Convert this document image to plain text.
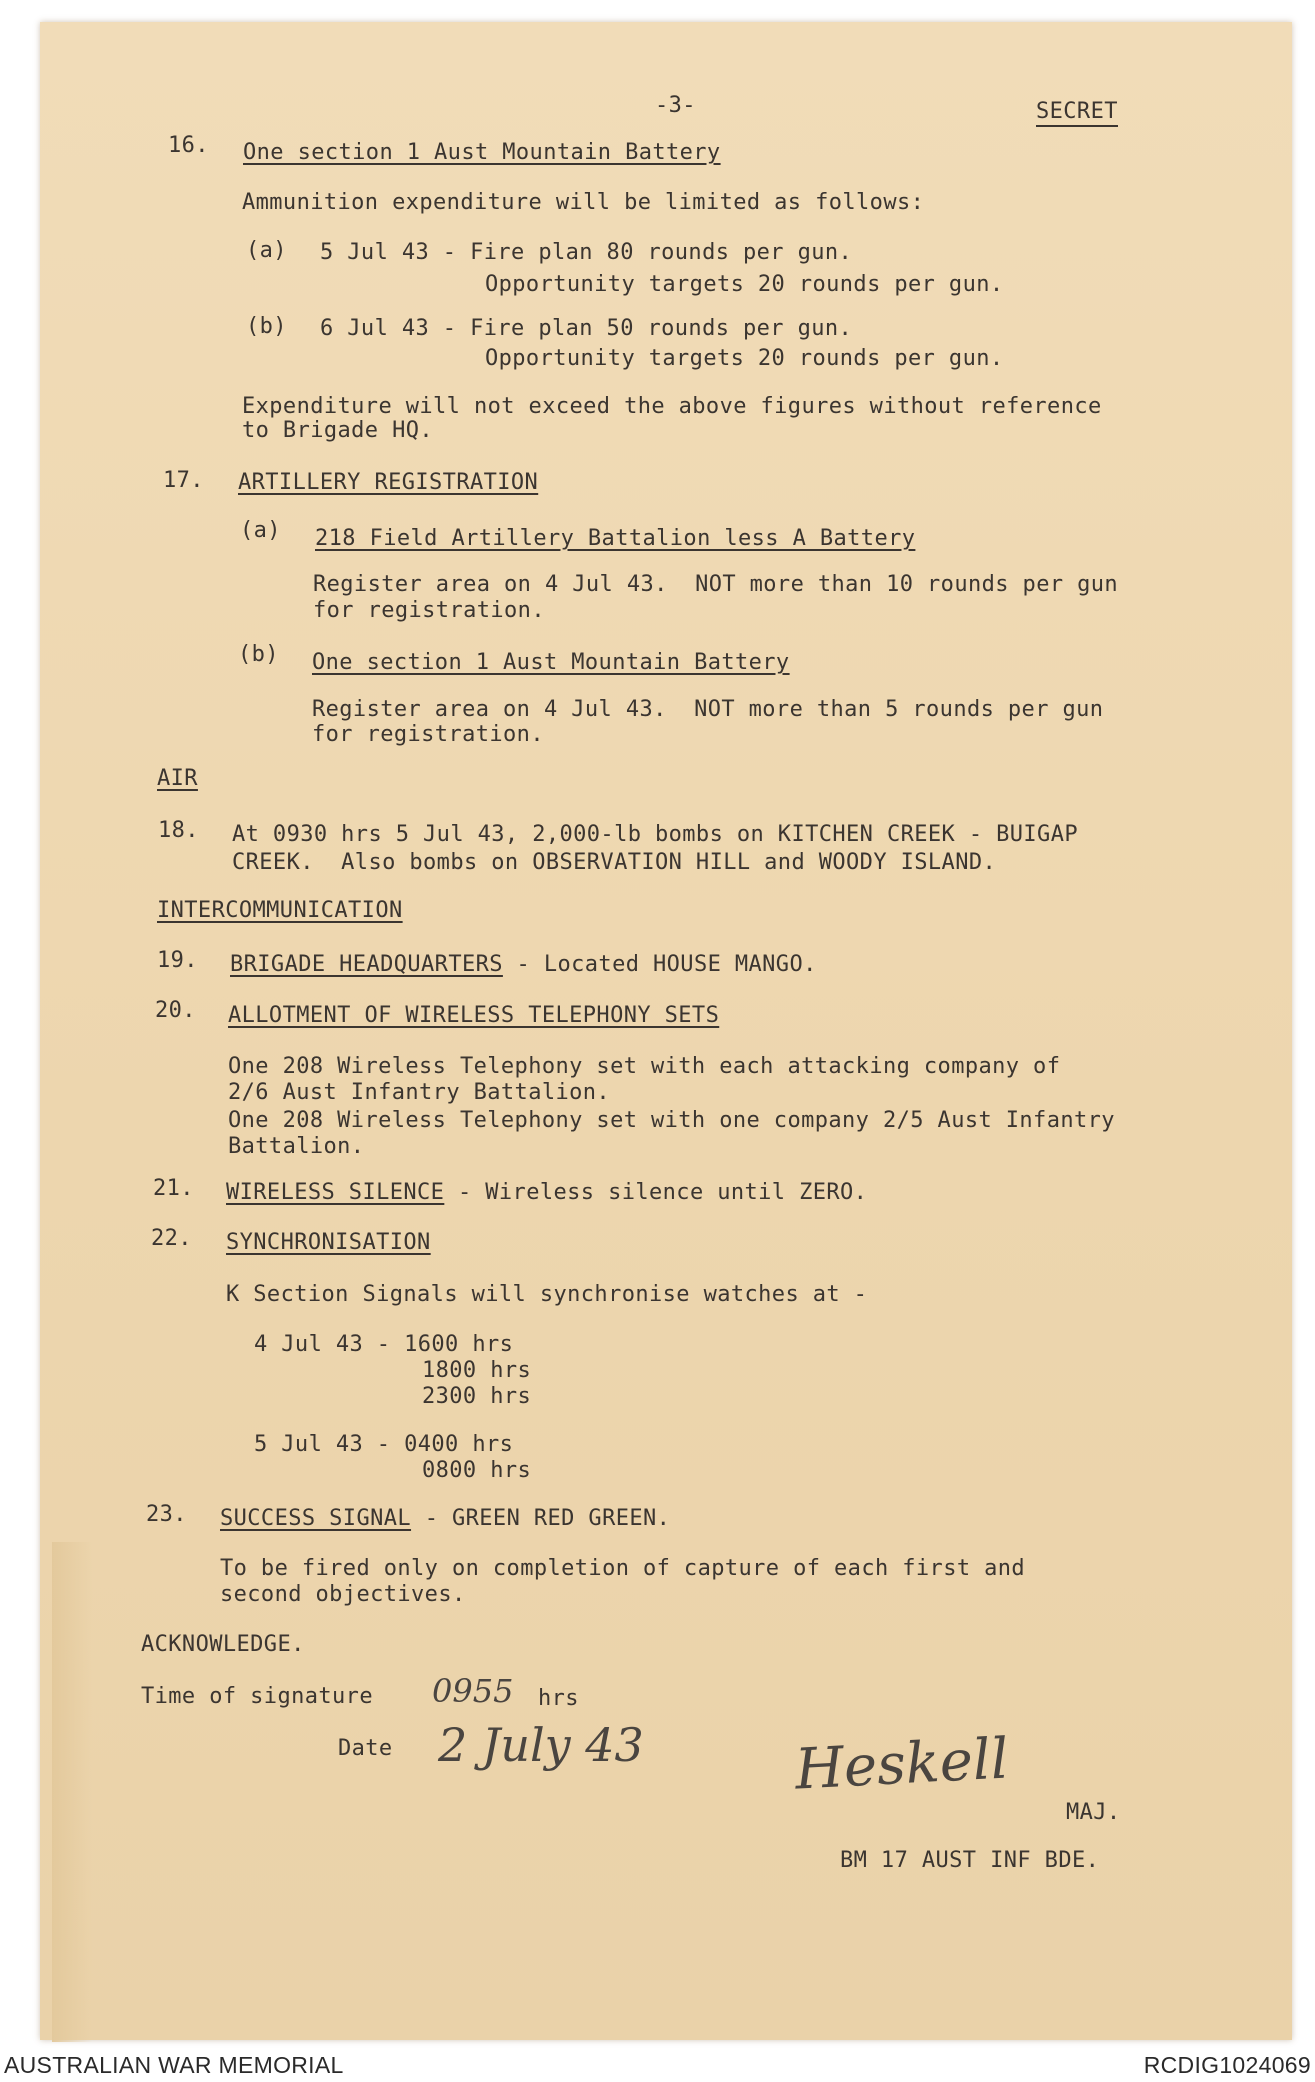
-3-	SECRET
16. One section 1 Aust Mountain Battery
Ammunition expenditure will be limited as follows:
(a) 5 Jul 43 - Fire plan 80 rounds per gun.
Opportunity targets 20 rounds per gun.
(b) 6 Jul 43 - Fire plan 50 rounds per gun.
Opportunity targets 20 rounds per gun.
Expenditure will not exceed the above figures without reference
to Brigade HQ.
17. ARTILLERY REGISTRATION
(a) 218 Field Artillery Battalion less A Battery
Register area on 4 Jul 43.  NOT more than 10 rounds per gun
for registration.
(b) One section 1 Aust Mountain Battery
Register area on 4 Jul 43.  NOT more than 5 rounds per gun
for registration.
AIR
18. At 0930 hrs 5 Jul 43, 2,000-lb bombs on KITCHEN CREEK - BUIGAP
CREEK.  Also bombs on OBSERVATION HILL and WOODY ISLAND.
INTERCOMMUNICATION
19. BRIGADE HEADQUARTERS - Located HOUSE MANGO.
20. ALLOTMENT OF WIRELESS TELEPHONY SETS
One 208 Wireless Telephony set with each attacking company of
2/6 Aust Infantry Battalion.
One 208 Wireless Telephony set with one company 2/5 Aust Infantry
Battalion.
21. WIRELESS SILENCE - Wireless silence until ZERO.
22. SYNCHRONISATION
K Section Signals will synchronise watches at -
4 Jul 43 - 1600 hrs
1800 hrs
2300 hrs
5 Jul 43 - 0400 hrs
0800 hrs
23. SUCCESS SIGNAL - GREEN RED GREEN.
To be fired only on completion of capture of each first and
second objectives.
ACKNOWLEDGE.
Time of signature 0955 hrs
Date 2 July 43	Heskell
MAJ.
BM 17 AUST INF BDE.
AUSTRALIAN WAR MEMORIAL	RCDIG1024069
